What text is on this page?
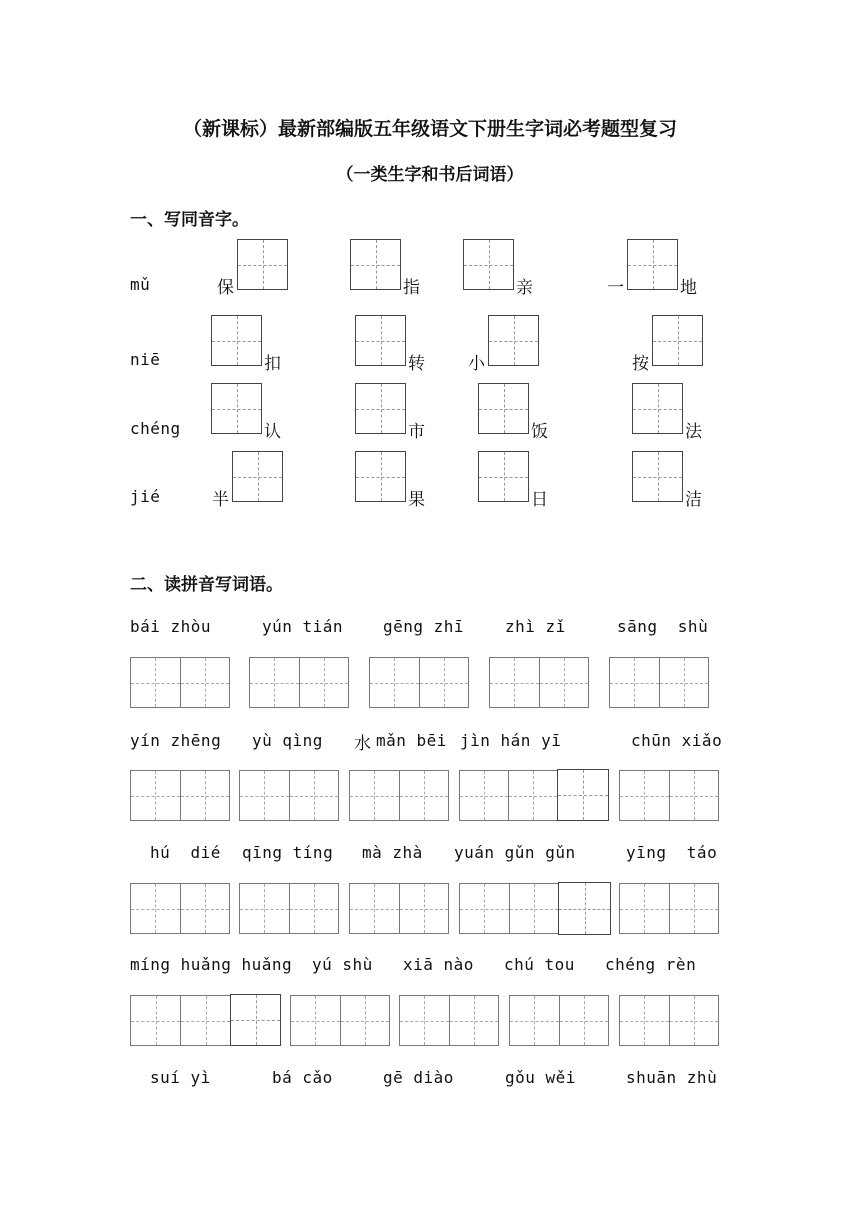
（新课标）最新部编版五年级语文下册生字词必考题型复习
（一类生字和书后词语）
一、写同音字。
mǔ	保	指	亲	一	地
niē	扣	转	小	按
chéng	认	市	饭	法
jié	半	果	日	洁
二、读拼音写词语。
bái zhòu	yún tián gēng zhī	zhì zǐ	sāng  shù
yín zhēng yù qìng 水 mǎn bēi jìn hán yī	chūn xiǎo
hú  dié qīng tíng mà zhà yuán gǔn gǔn	yīng  táo
míng huǎng huǎng yú shù xiā nào chú tou chéng rèn
suí yì	bá cǎo	gē diào	gǒu wěi	shuān zhù
